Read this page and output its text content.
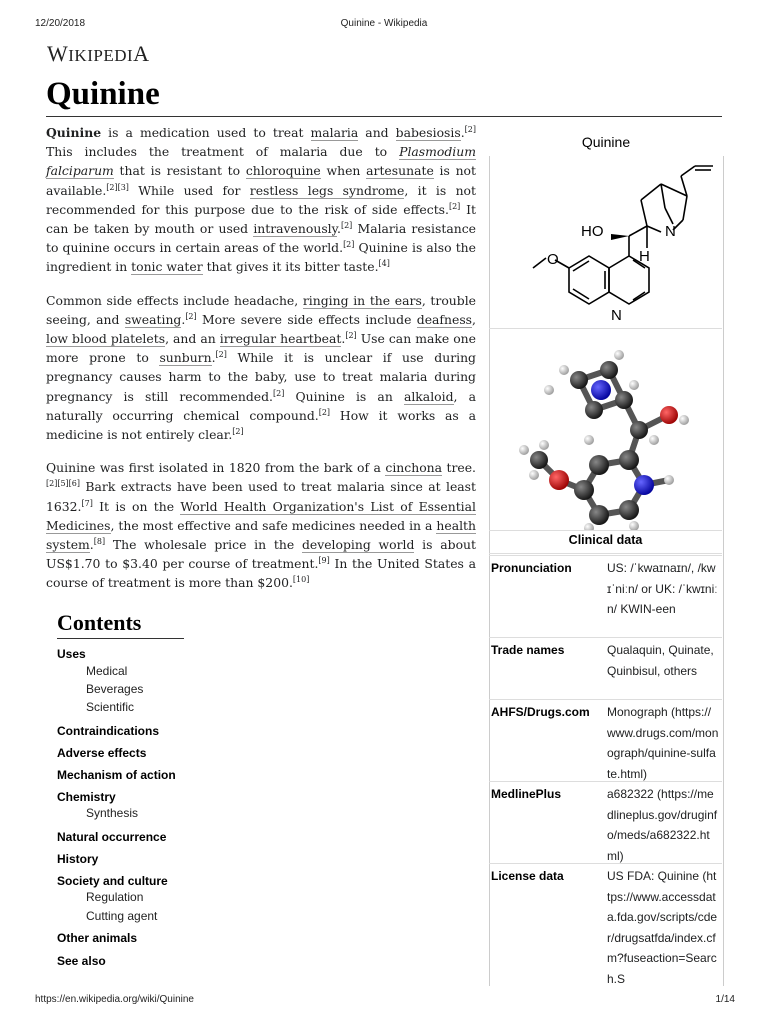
12/20/2018	Quinine - Wikipedia
WIKIPEDIA
Quinine

Quinine is a medication used to treat malaria and babesiosis.[2] This includes the treatment of malaria due to Plasmodium falciparum that is resistant to chloroquine when artesunate is not available.[2][3] While used for restless legs syndrome, it is not recommended for this purpose due to the risk of side effects.[2] It can be taken by mouth or used intravenously.[2] Malaria resistance to quinine occurs in certain areas of the world.[2] Quinine is also the ingredient in tonic water that gives it its bitter taste.[4]

Common side effects include headache, ringing in the ears, trouble seeing, and sweating.[2] More severe side effects include deafness, low blood platelets, and an irregular heartbeat.[2] Use can make one more prone to sunburn.[2] While it is unclear if use during pregnancy causes harm to the baby, use to treat malaria during pregnancy is still recommended.[2] Quinine is an alkaloid, a naturally occurring chemical compound.[2] How it works as a medicine is not entirely clear.[2]

Quinine was first isolated in 1820 from the bark of a cinchona tree.[2][5][6] Bark extracts have been used to treat malaria since at least 1632.[7] It is on the World Health Organization's List of Essential Medicines, the most effective and safe medicines needed in a health system.[8] The wholesale price in the developing world is about US$1.70 to $3.40 per course of treatment.[9] In the United States a course of treatment is more than $200.[10]

Quinine
HO
H
N
N
O
Clinical data
Pronunciation	US: /ˈkwaɪnaɪn/, /kwɪˈniːn/ or UK: /ˈkwɪniːn/ KWIN-een
Trade names	Qualaquin, Quinate, Quinbisul, others
AHFS/Drugs.com	Monograph (https://www.drugs.com/monograph/quinine-sulfate.html)
MedlinePlus	a682322 (https://medlineplus.gov/druginfo/meds/a682322.html)
License data	US FDA: Quinine (https://www.accessdata.fda.gov/scripts/cder/drugsatfda/index.cfm?fuseaction=Search.S
Contents
Uses
Medical
Beverages
Scientific
Contraindications
Adverse effects
Mechanism of action
Chemistry
Synthesis
Natural occurrence
History
Society and culture
Regulation
Cutting agent
Other animals
See also
https://en.wikipedia.org/wiki/Quinine	1/14
